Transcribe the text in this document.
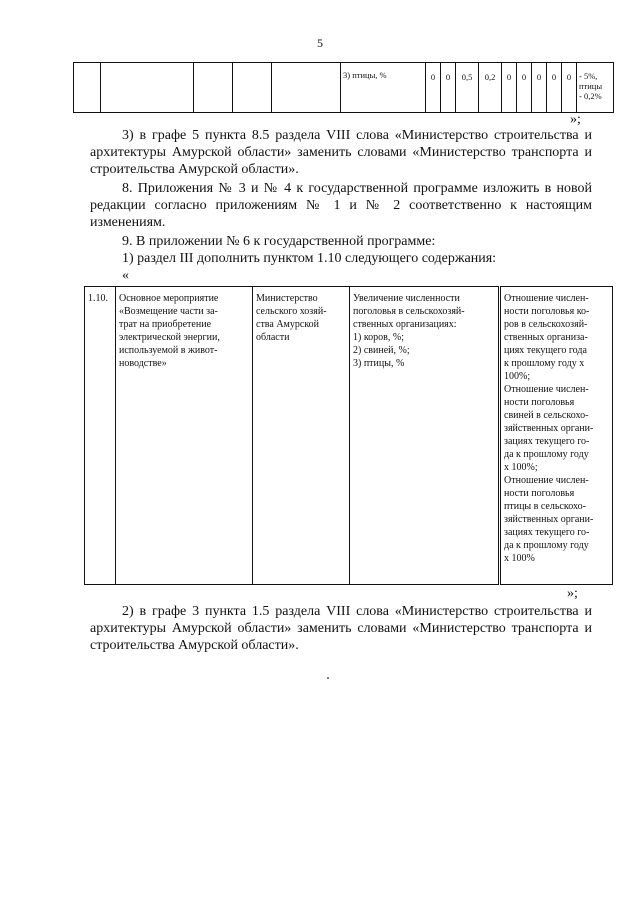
5
					3) птицы, %	0	0	0,5	0,2	0	0	0	0	0	- 5%,
птицы
- 0,2%
»;
3) в графе 5 пункта 8.5 раздела VIII слова «Министерство строительства и архитектуры Амурской области» заменить словами «Министерство транспорта и строительства Амурской области».
8. Приложения № 3 и № 4 к государственной программе изложить в новой редакции согласно приложениям № 1 и № 2 соответственно к настоящим изменениям.
9. В приложении № 6 к государственной программе:
1) раздел III дополнить пунктом 1.10 следующего содержания:
«
1.10.	Основное мероприятие
«Возмещение части за-
трат на приобретение
электрической энергии,
используемой в живот-
новодстве»

Министерство
сельского хозяй-
ства Амурской
области

Увеличение численности
поголовья в сельскохозяй-
ственных организациях:
1) коров, %;
2) свиней, %;
3) птицы, %

Отношение числен-
ности поголовья ко-
ров в сельскохозяй-
ственных организа-
циях текущего года
к прошлому году x
100%;
Отношение числен-
ности поголовья
свиней в сельскохо-
зяйственных органи-
зациях текущего го-
да к прошлому году
x 100%;
Отношение числен-
ности поголовья
птицы в сельскохо-
зяйственных органи-
зациях текущего го-
да к прошлому году
x 100%
»;
2) в графе 3 пункта 1.5 раздела VIII слова «Министерство строительства и архитектуры Амурской области» заменить словами «Министерство транспорта и строительства Амурской области».
